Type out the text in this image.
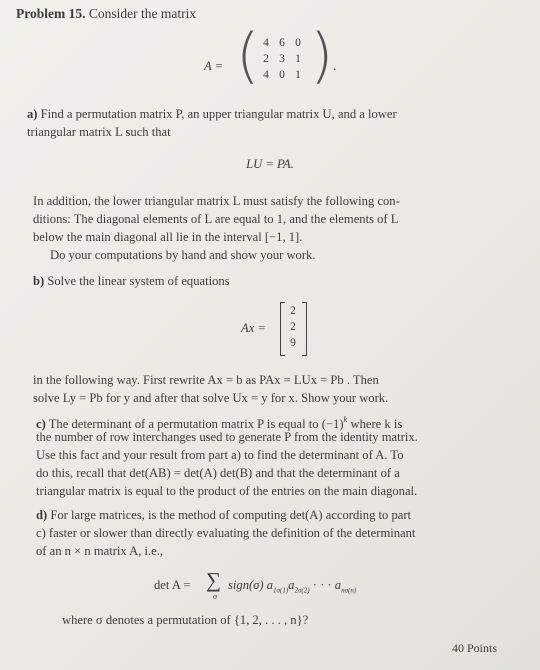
Problem 15. Consider the matrix
A = ( 4 6 0
2 3 1
4 0 1 ) .
a) Find a permutation matrix P, an upper triangular matrix U, and a lower
triangular matrix L such that
LU = PA.
In addition, the lower triangular matrix L must satisfy the following con-
ditions: The diagonal elements of L are equal to 1, and the elements of L
below the main diagonal all lie in the interval [−1, 1].
Do your computations by hand and show your work.
b) Solve the linear system of equations
Ax =
2
2
9
in the following way. First rewrite Ax = b as PAx = LUx = Pb . Then
solve Ly = Pb for y and after that solve Ux = y for x. Show your work.
c) The determinant of a permutation matrix P is equal to $(-1)^k$ where k is
the number of row interchanges used to generate P from the identity matrix.
Use this fact and your result from part a) to find the determinant of A. To
do this, recall that det(AB) = det(A) det(B) and that the determinant of a
triangular matrix is equal to the product of the entries on the main diagonal.
d) For large matrices, is the method of computing det(A) according to part
c) faster or slower than directly evaluating the definition of the determinant
of an n × n matrix A, i.e.,
det A = ∑
σ
sign(σ) $a_{1\sigma(1)}a_{2\sigma(2)}$ · · · $a_{n\sigma(n)}$
where σ denotes a permutation of {1, 2, . . . , n}?
40 Points
